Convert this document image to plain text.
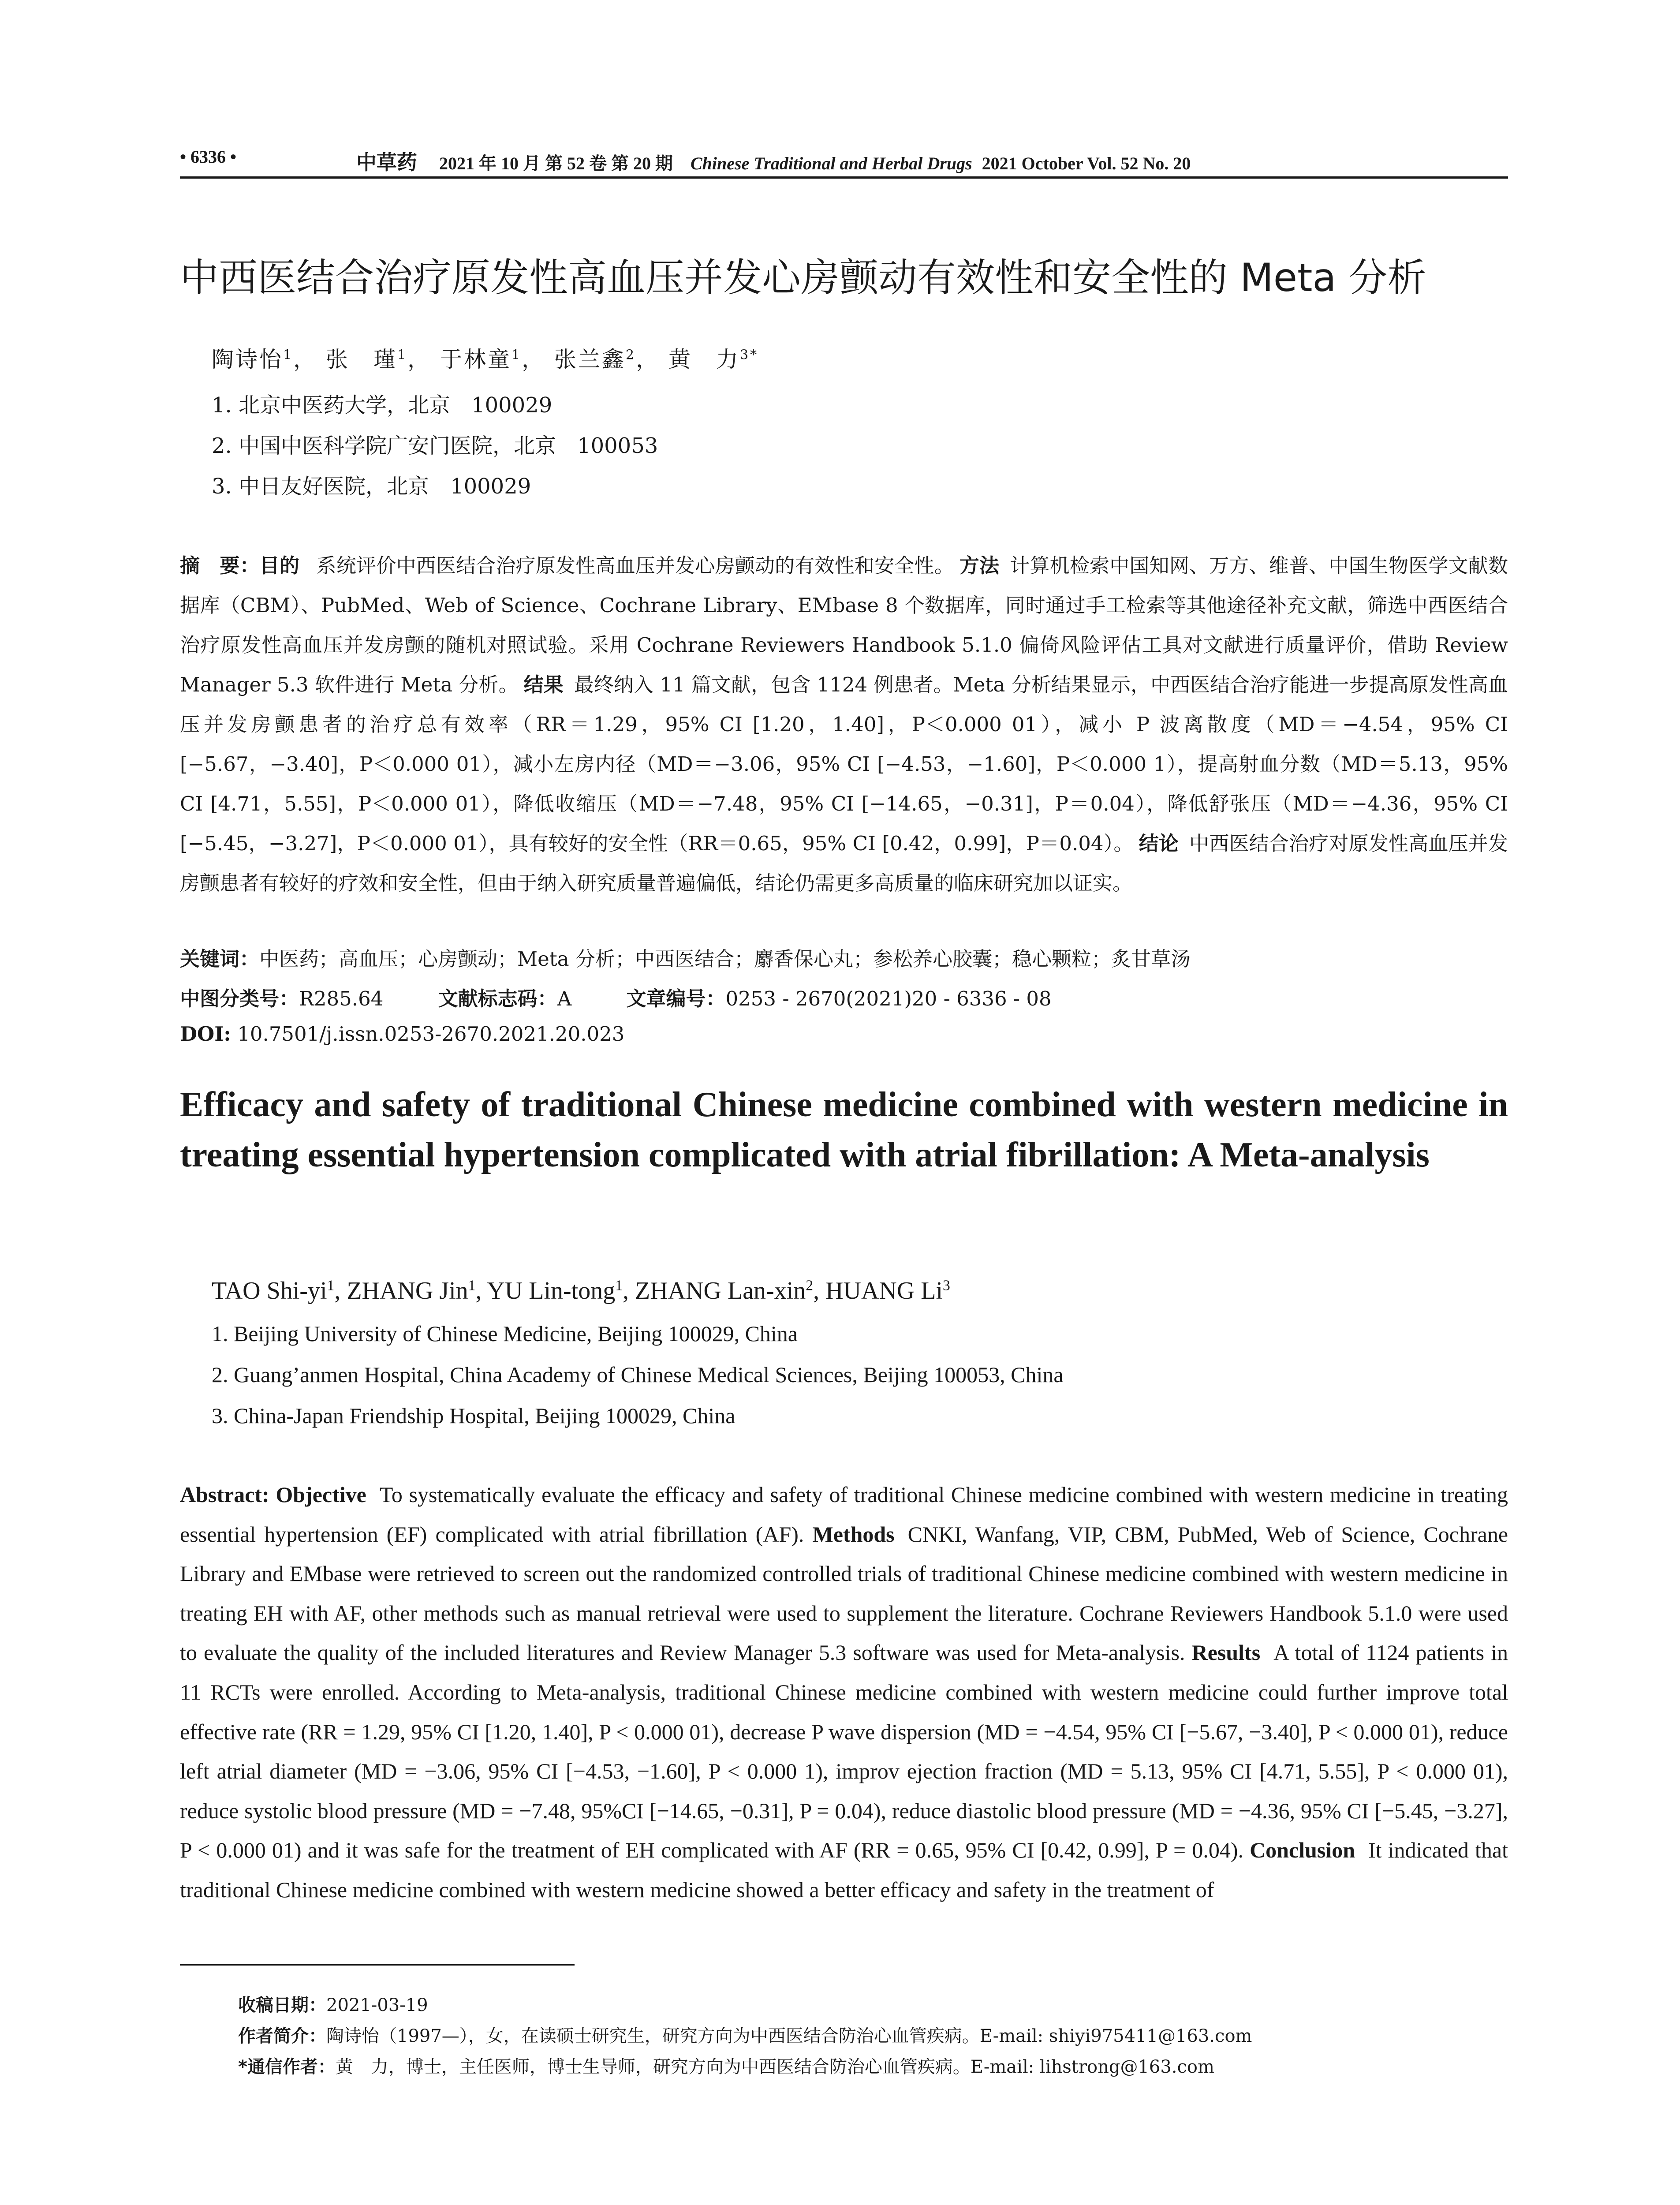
• 6336 •	中草药 2021 年 10 月 第 52 卷 第 20 期 Chinese Traditional and Herbal Drugs 2021 October Vol. 52 No. 20
中西医结合治疗原发性高血压并发心房颤动有效性和安全性的 Meta 分析
陶诗怡$^1$， 张　瑾$^1$， 于林童$^1$， 张兰鑫$^2$， 黄　力$^{3*}$
1. 北京中医药大学，北京　100029
2. 中国中医科学院广安门医院，北京　100053
3. 中日友好医院，北京　100029
摘　要：目的 系统评价中西医结合治疗原发性高血压并发心房颤动的有效性和安全性。 方法 计算机检索中国知网、万方、维普、中国生物医学文献数据库（CBM）、PubMed、Web of Science、Cochrane Library、EMbase 8 个数据库，同时通过手工检索等其他途径补充文献，筛选中西医结合治疗原发性高血压并发房颤的随机对照试验。采用 Cochrane Reviewers Handbook 5.1.0 偏倚风险评估工具对文献进行质量评价，借助 Review Manager 5.3 软件进行 Meta 分析。 结果 最终纳入 11 篇文献，包含 1124 例患者。Meta 分析结果显示，中西医结合治疗能进一步提高原发性高血压并发房颤患者的治疗总有效率（RR＝1.29，95% CI [1.20，1.40]，P＜0.000 01），减小 P 波离散度（MD＝−4.54，95% CI [−5.67，−3.40]，P＜0.000 01），减小左房内径（MD＝−3.06，95% CI [−4.53，−1.60]，P＜0.000 1），提高射血分数（MD＝5.13，95% CI [4.71，5.55]，P＜0.000 01），降低收缩压（MD＝−7.48，95% CI [−14.65，−0.31]，P＝0.04），降低舒张压（MD＝−4.36，95% CI [−5.45，−3.27]，P＜0.000 01），具有较好的安全性（RR＝0.65，95% CI [0.42，0.99]，P＝0.04）。 结论 中西医结合治疗对原发性高血压并发房颤患者有较好的疗效和安全性，但由于纳入研究质量普遍偏低，结论仍需更多高质量的临床研究加以证实。
关键词：中医药；高血压；心房颤动；Meta 分析；中西医结合；麝香保心丸；参松养心胶囊；稳心颗粒；炙甘草汤
中图分类号：R285.64	文献标志码：A	文章编号：0253 - 2670(2021)20 - 6336 - 08
DOI: 10.7501/j.issn.0253-2670.2021.20.023
Efficacy and safety of traditional Chinese medicine combined with western medicine in treating essential hypertension complicated with atrial fibrillation: A Meta-analysis
TAO Shi-$yi^1$, ZHANG Jin$^1$, YU Lin-tong$^1$, ZHANG Lan-xin$^2$, HUANG Li$^3$
1. Beijing University of Chinese Medicine, Beijing 100029, China
2. Guang’anmen Hospital, China Academy of Chinese Medical Sciences, Beijing 100053, China
3. China-Japan Friendship Hospital, Beijing 100029, China
Abstract: Objective To systematically evaluate the efficacy and safety of traditional Chinese medicine combined with western medicine in treating essential hypertension (EF) complicated with atrial fibrillation (AF). Methods CNKI, Wanfang, VIP, CBM, PubMed, Web of Science, Cochrane Library and EMbase were retrieved to screen out the randomized controlled trials of traditional Chinese medicine combined with western medicine in treating EH with AF, other methods such as manual retrieval were used to supplement the literature. Cochrane Reviewers Handbook 5.1.0 were used to evaluate the quality of the included literatures and Review Manager 5.3 software was used for Meta-analysis. Results A total of 1124 patients in 11 RCTs were enrolled. According to Meta-analysis, traditional Chinese medicine combined with western medicine could further improve total effective rate (RR = 1.29, 95% CI [1.20, 1.40], P < 0.000 01), decrease P wave dispersion (MD = −4.54, 95% CI [−5.67, −3.40], P < 0.000 01), reduce left atrial diameter (MD = −3.06, 95% CI [−4.53, −1.60], P < 0.000 1), improv ejection fraction (MD = 5.13, 95% CI [4.71, 5.55], P < 0.000 01), reduce systolic blood pressure (MD = −7.48, 95%CI [−14.65, −0.31], P = 0.04), reduce diastolic blood pressure (MD = −4.36, 95% CI [−5.45, −3.27], P < 0.000 01) and it was safe for the treatment of EH complicated with AF (RR = 0.65, 95% CI [0.42, 0.99], P = 0.04). Conclusion It indicated that traditional Chinese medicine combined with western medicine showed a better efficacy and safety in the treatment of
收稿日期：2021-03-19
作者简介：陶诗怡（1997—），女，在读硕士研究生，研究方向为中西医结合防治心血管疾病。E-mail: shiyi975411@163.com
*通信作者：黄　力，博士，主任医师，博士生导师，研究方向为中西医结合防治心血管疾病。E-mail: lihstrong@163.com
